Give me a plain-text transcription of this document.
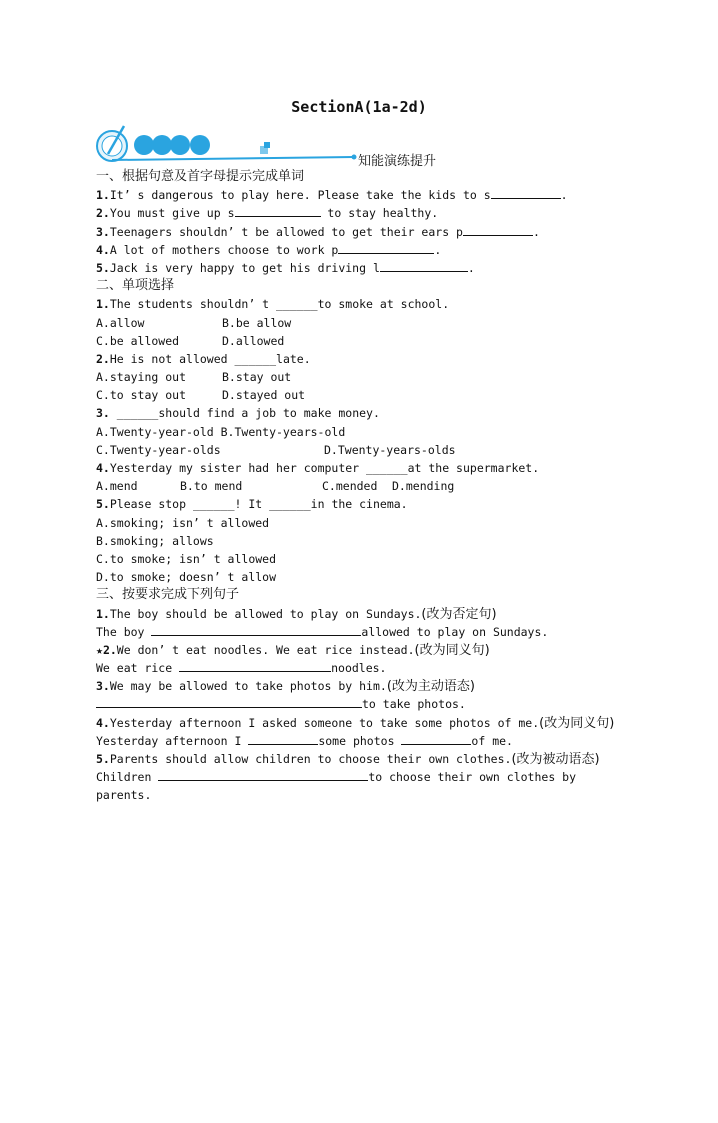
SectionA(1a-2d)
知能演练提升
一、根据句意及首字母提示完成单词
1.It’ s dangerous to play here. Please take the kids to s	.
2.You must give up s	to stay healthy.
3.Teenagers shouldn’ t be allowed to get their ears p	.
4.A lot of mothers choose to work p	.
5.Jack is very happy to get his driving l	.
二、单项选择
1.The students shouldn’ t ______to smoke at school.
A.allow	B.be allow
C.be allowed	D.allowed
2.He is not allowed ______late.
A.staying out	B.stay out
C.to stay out	D.stayed out
3. ______should find a job to make money.
A.Twenty-year-old B.Twenty-years-old
C.Twenty-year-olds	D.Twenty-years-olds
4.Yesterday my sister had her computer ______at the supermarket.
A.mend	B.to mend	C.mended	D.mending
5.Please stop ______! It ______in the cinema.
A.smoking; isn’ t allowed
B.smoking; allows
C.to smoke; isn’ t allowed
D.to smoke; doesn’ t allow
三、按要求完成下列句子
1.The boy should be allowed to play on Sundays.(改为否定句)
The boy	allowed to play on Sundays.
★2.We don’ t eat noodles. We eat rice instead.(改为同义句)
We eat rice	noodles.
3.We may be allowed to take photos by him.(改为主动语态)
to take photos.
4.Yesterday afternoon I asked someone to take some photos of me.(改为同义句)
Yesterday afternoon I	some photos	of me.
5.Parents should allow children to choose their own clothes.(改为被动语态)
Children	to choose their own clothes by
parents.
